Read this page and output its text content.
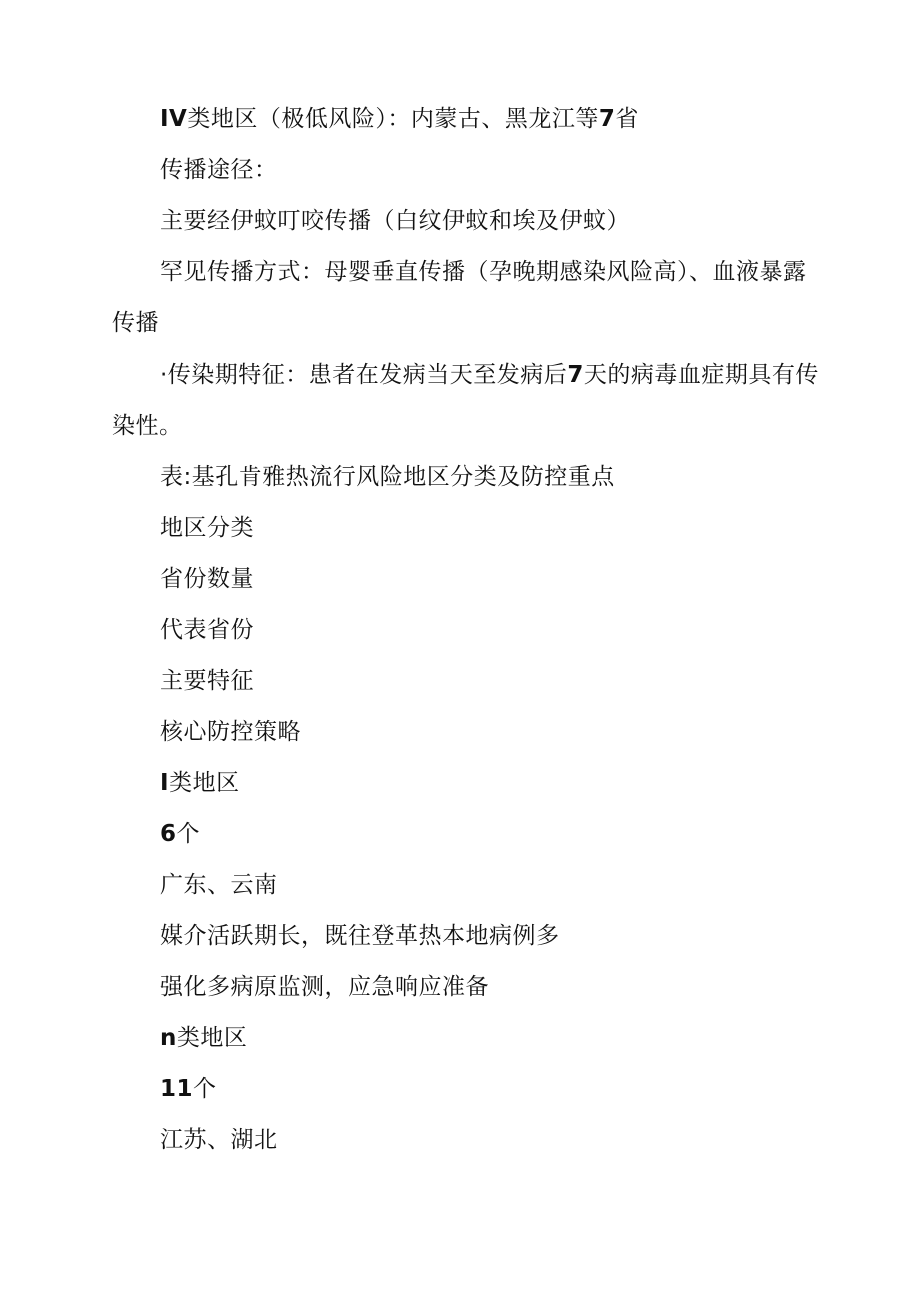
IV类地区（极低风险）：内蒙古、黑龙江等7省
传播途径：
主要经伊蚊叮咬传播（白纹伊蚊和埃及伊蚊）
罕见传播方式：母婴垂直传播（孕晚期感染风险高）、血液暴露
传播
·传染期特征：患者在发病当天至发病后7天的病毒血症期具有传
染性。
表:基孔肯雅热流行风险地区分类及防控重点
地区分类
省份数量
代表省份
主要特征
核心防控策略
I类地区
6个
广东、云南
媒介活跃期长，既往登革热本地病例多
强化多病原监测，应急响应准备
n类地区
11个
江苏、湖北
